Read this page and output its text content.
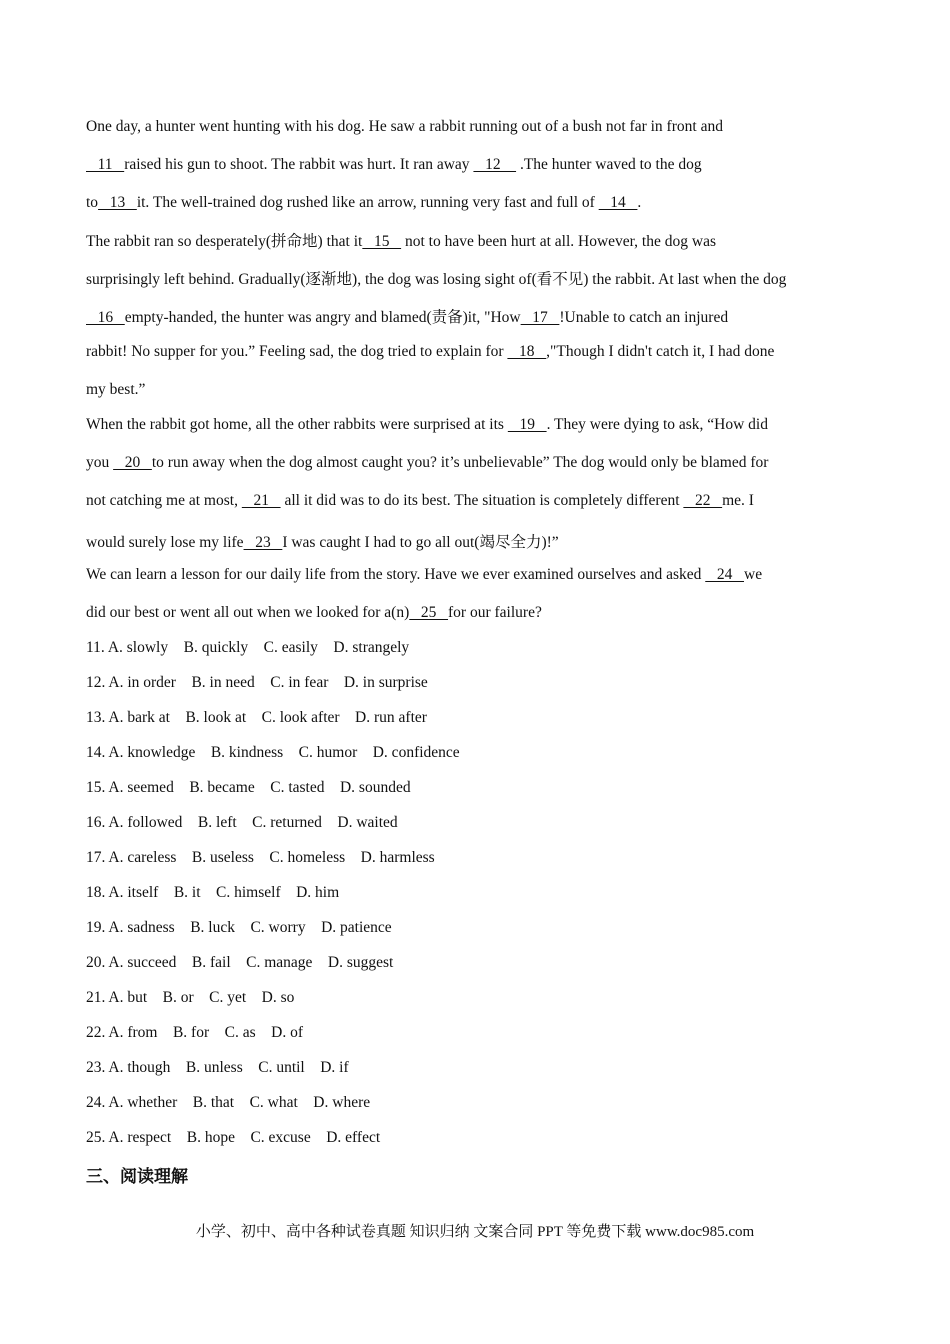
One day, a hunter went hunting with his dog. He saw a rabbit running out of a bush not far in front and
11   raised his gun to shoot. The rabbit was hurt. It ran away    12     .The hunter waved to the dog
to   13   it. The well-trained dog rushed like an arrow, running very fast and full of    14   .
The rabbit ran so desperately(拼命地) that it   15    not to have been hurt at all. However, the dog was
surprisingly left behind. Gradually(逐渐地), the dog was losing sight of(看不见) the rabbit. At last when the dog
16   empty-handed, the hunter was angry and blamed(责备)it, "How   17   !Unable to catch an injured
rabbit! No supper for you.” Feeling sad, the dog tried to explain for    18   ,"Though I didn't catch it, I had done
my best.”
When the rabbit got home, all the other rabbits were surprised at its    19   . They were dying to ask, “How did
you    20   to run away when the dog almost caught you? it’s unbelievable” The dog would only be blamed for
not catching me at most,    21    all it did was to do its best. The situation is completely different    22   me. I
would surely lose my life   23   I was caught I had to go all out(竭尽全力)!”
We can learn a lesson for our daily life from the story. Have we ever examined ourselves and asked    24   we
did our best or went all out when we looked for a(n)   25   for our failure?
11. A. slowly    B. quickly    C. easily    D. strangely
12. A. in order    B. in need    C. in fear    D. in surprise
13. A. bark at    B. look at    C. look after    D. run after
14. A. knowledge    B. kindness    C. humor    D. confidence
15. A. seemed    B. became    C. tasted    D. sounded
16. A. followed    B. left    C. returned    D. waited
17. A. careless    B. useless    C. homeless    D. harmless
18. A. itself    B. it    C. himself    D. him
19. A. sadness    B. luck    C. worry    D. patience
20. A. succeed    B. fail    C. manage    D. suggest
21. A. but    B. or    C. yet    D. so
22. A. from    B. for    C. as    D. of
23. A. though    B. unless    C. until    D. if
24. A. whether    B. that    C. what    D. where
25. A. respect    B. hope    C. excuse    D. effect
三、阅读理解
小学、初中、高中各种试卷真题 知识归纳 文案合同 PPT 等免费下载 www.doc985.com
